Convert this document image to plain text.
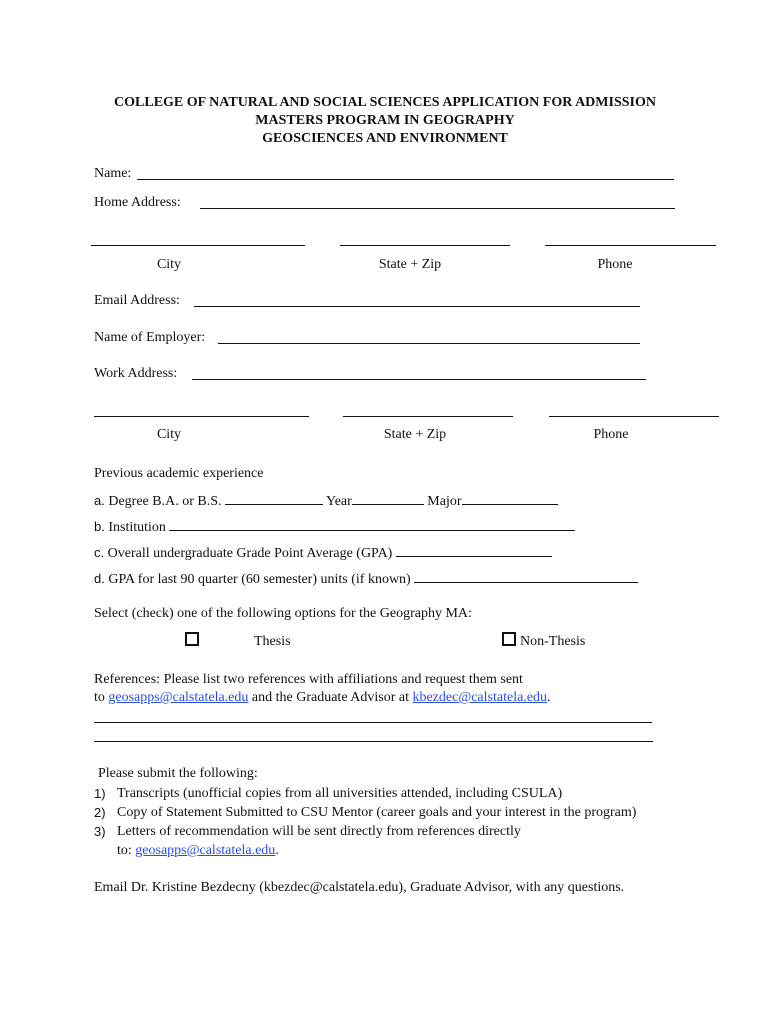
COLLEGE OF NATURAL AND SOCIAL SCIENCES APPLICATION FOR ADMISSION
MASTERS PROGRAM IN GEOGRAPHY
GEOSCIENCES AND ENVIRONMENT
Name:
Home Address:
City	State + Zip	Phone
Email Address:
Name of Employer:
Work Address:
City	State + Zip	Phone
Previous academic experience
a. Degree B.A. or B.S.	Year	Major
b. Institution
c. Overall undergraduate Grade Point Average (GPA)
d. GPA for last 90 quarter (60 semester) units (if known)
Select (check) one of the following options for the Geography MA:
Thesis	Non-Thesis
References: Please list two references with affiliations and request them sent
to geosapps@calstatela.edu and the Graduate Advisor at kbezdec@calstatela.edu.
Please submit the following:
1) Transcripts (unofficial copies from all universities attended, including CSULA)
2) Copy of Statement Submitted to CSU Mentor (career goals and your interest in the program)
3) Letters of recommendation will be sent directly from references directly
to: geosapps@calstatela.edu.
Email Dr. Kristine Bezdecny (kbezdec@calstatela.edu), Graduate Advisor, with any questions.
